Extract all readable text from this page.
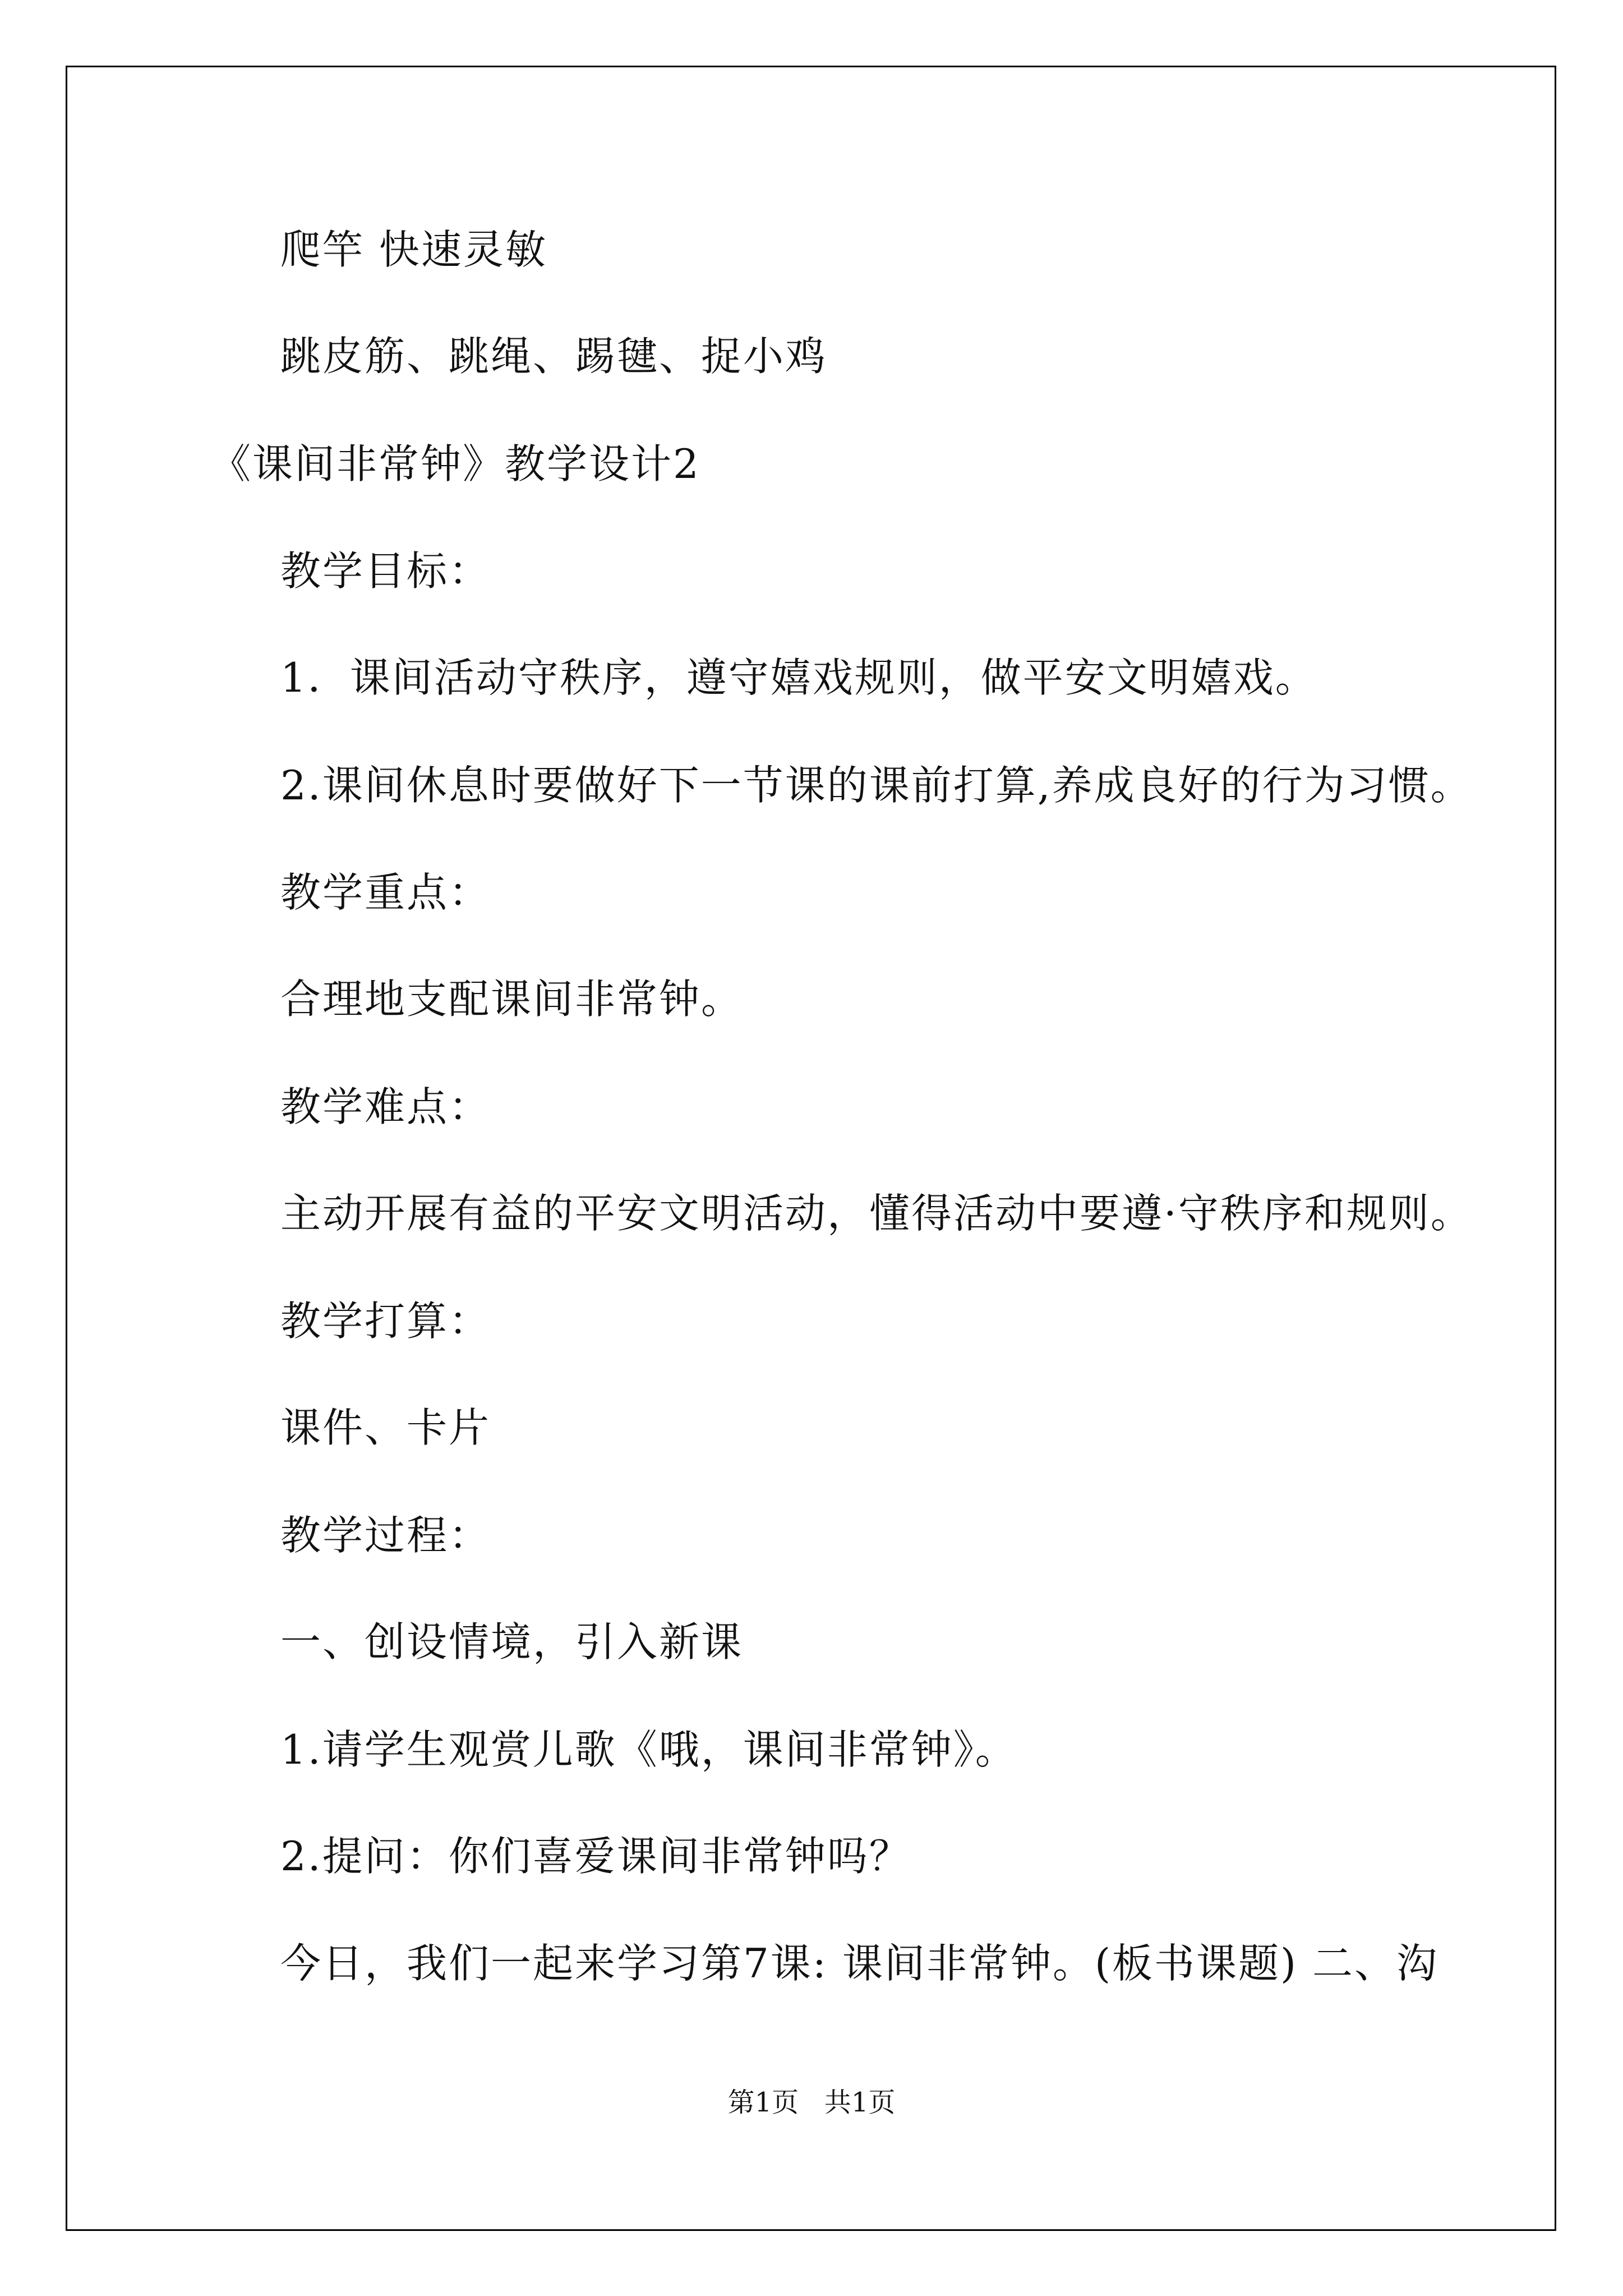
爬竿 快速灵敏
跳皮筋、跳绳、踢毽、捉小鸡
《课间非常钟》教学设计2
教学目标：
1．课间活动守秩序，遵守嬉戏规则，做平安文明嬉戏。
2.课间休息时要做好下一节课的课前打算,养成良好的行为习惯。
教学重点：
合理地支配课间非常钟。
教学难点：
主动开展有益的平安文明活动，懂得活动中要遵·守秩序和规则。
教学打算：
课件、卡片
教学过程：
一、创设情境，引入新课
1.请学生观赏儿歌《哦，课间非常钟》。
2.提问：你们喜爱课间非常钟吗？
今日，我们一起来学习第7课: 课间非常钟。(板书课题) 二、沟
第1页   共1页
